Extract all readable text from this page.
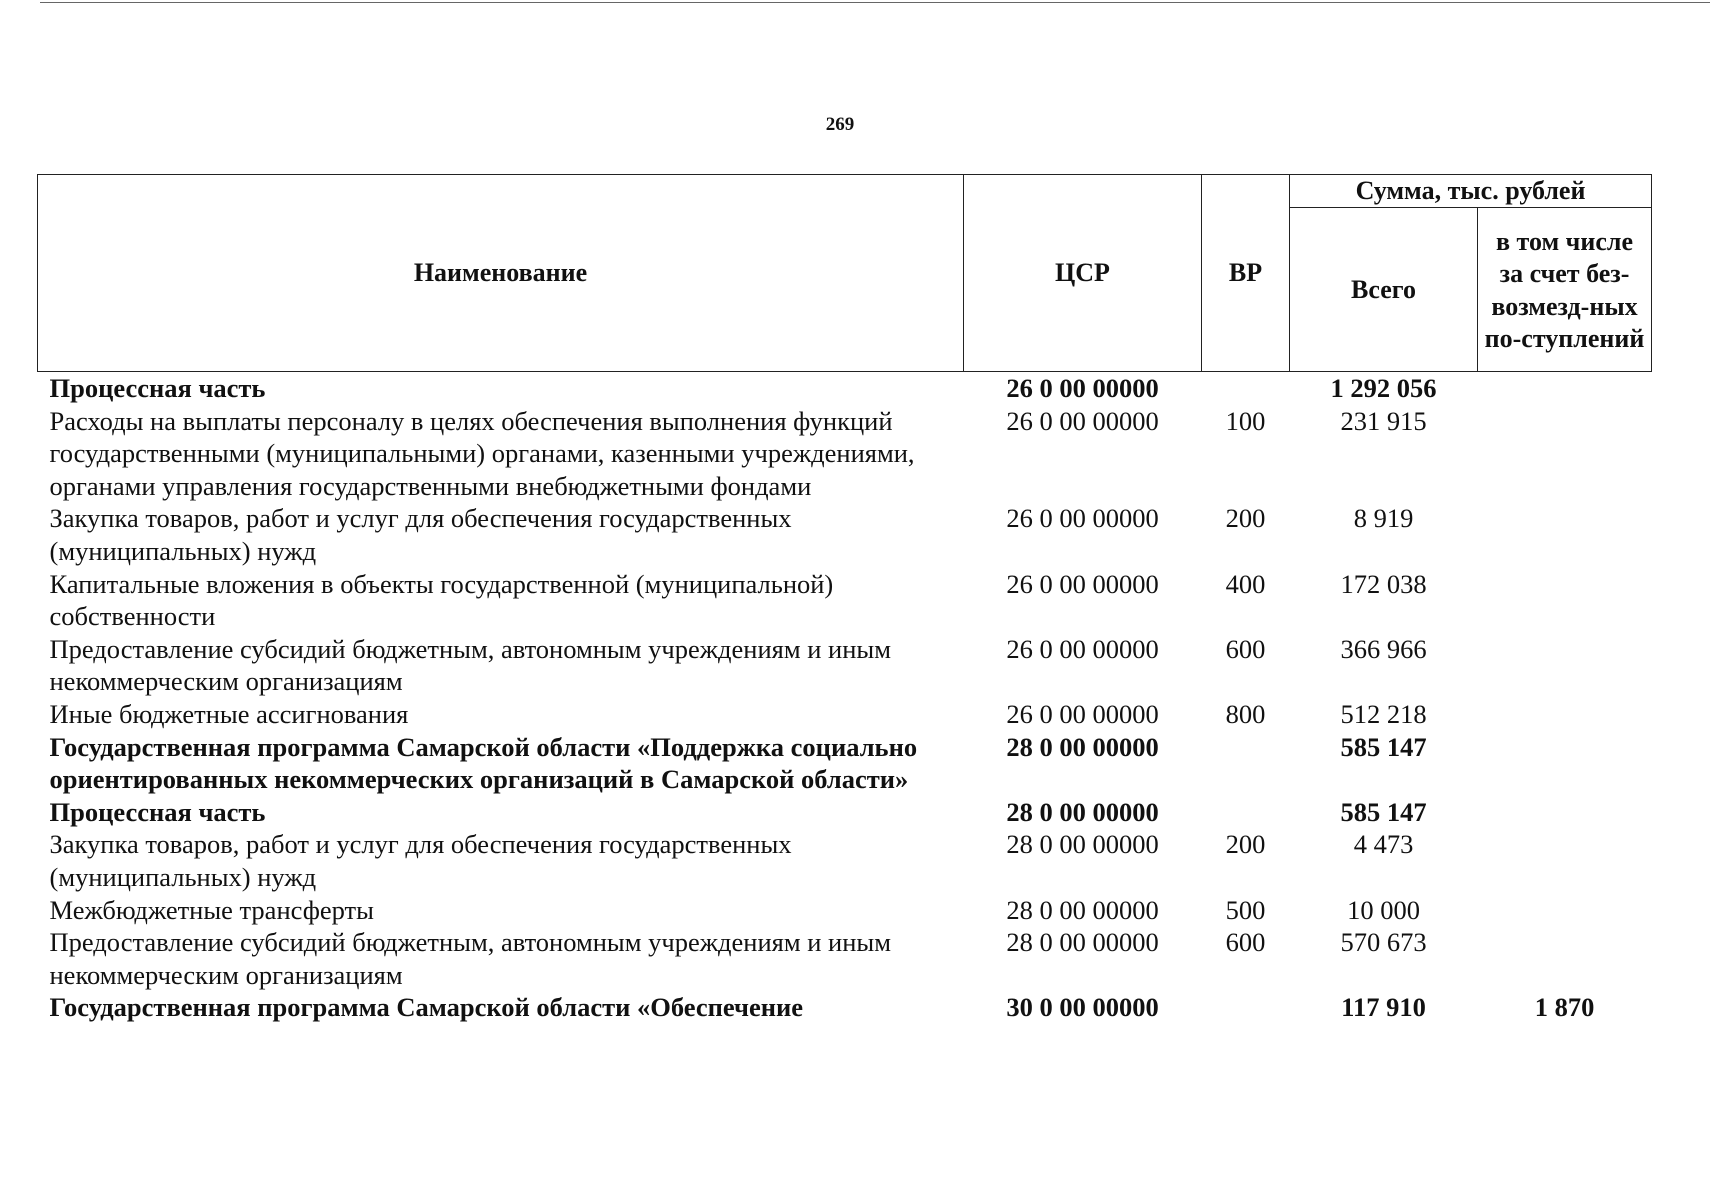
269
Наименование	ЦСР	ВР	Сумма, тыс. рублей	
			Всего	в том числе за счет без-возмезд-ных по-ступлений
Процессная часть	26 0 00 00000		1 292 056	
Расходы на выплаты персоналу в целях обеспечения выполнения функций государственными (муниципальными) органами, казенными учреждениями, органами управления государственными внебюджетными фондами	26 0 00 00000	100	231 915	
Закупка товаров, работ и услуг для обеспечения государственных (муниципальных) нужд	26 0 00 00000	200	8 919	
Капитальные вложения в объекты государственной (муниципальной) собственности	26 0 00 00000	400	172 038	
Предоставление субсидий бюджетным, автономным учреждениям и иным некоммерческим организациям	26 0 00 00000	600	366 966	
Иные бюджетные ассигнования	26 0 00 00000	800	512 218	
Государственная программа Самарской области «Поддержка социально ориентированных некоммерческих организаций в Самарской области»	28 0 00 00000		585 147	
Процессная часть	28 0 00 00000		585 147	
Закупка товаров, работ и услуг для обеспечения государственных (муниципальных) нужд	28 0 00 00000	200	4 473	
Межбюджетные трансферты	28 0 00 00000	500	10 000	
Предоставление субсидий бюджетным, автономным учреждениям и иным некоммерческим организациям	28 0 00 00000	600	570 673	
Государственная программа Самарской области «Обеспечение	30 0 00 00000		117 910	1 870
